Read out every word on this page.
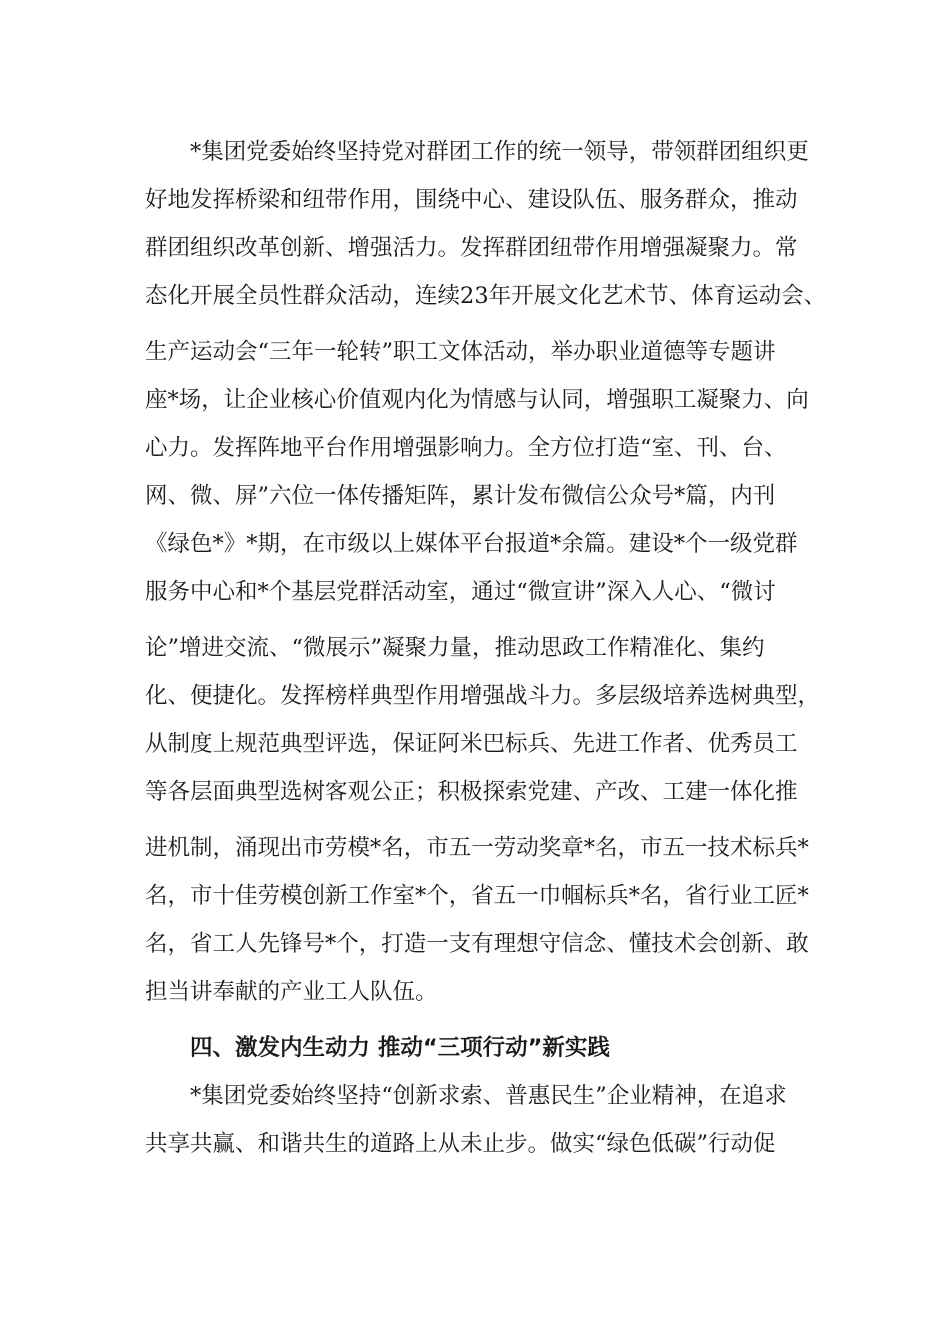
*集团党委始终坚持党对群团工作的统一领导，带领群团组织更
好地发挥桥梁和纽带作用，围绕中心、建设队伍、服务群众，推动
群团组织改革创新、增强活力。发挥群团纽带作用增强凝聚力。常
态化开展全员性群众活动，连续23年开展文化艺术节、体育运动会、
生产运动会“三年一轮转”职工文体活动，举办职业道德等专题讲
座*场，让企业核心价值观内化为情感与认同，增强职工凝聚力、向
心力。发挥阵地平台作用增强影响力。全方位打造“室、刊、台、
网、微、屏”六位一体传播矩阵，累计发布微信公众号*篇，内刊
《绿色*》*期，在市级以上媒体平台报道*余篇。建设*个一级党群
服务中心和*个基层党群活动室，通过“微宣讲”深入人心、“微讨
论”增进交流、“微展示”凝聚力量，推动思政工作精准化、集约
化、便捷化。发挥榜样典型作用增强战斗力。多层级培养选树典型，
从制度上规范典型评选，保证阿米巴标兵、先进工作者、优秀员工
等各层面典型选树客观公正；积极探索党建、产改、工建一体化推
进机制，涌现出市劳模*名，市五一劳动奖章*名，市五一技术标兵*
名，市十佳劳模创新工作室*个，省五一巾帼标兵*名，省行业工匠*
名，省工人先锋号*个，打造一支有理想守信念、懂技术会创新、敢
担当讲奉献的产业工人队伍。
四、激发内生动力 推动“三项行动”新实践
*集团党委始终坚持“创新求索、普惠民生”企业精神，在追求
共享共赢、和谐共生的道路上从未止步。做实“绿色低碳”行动促
